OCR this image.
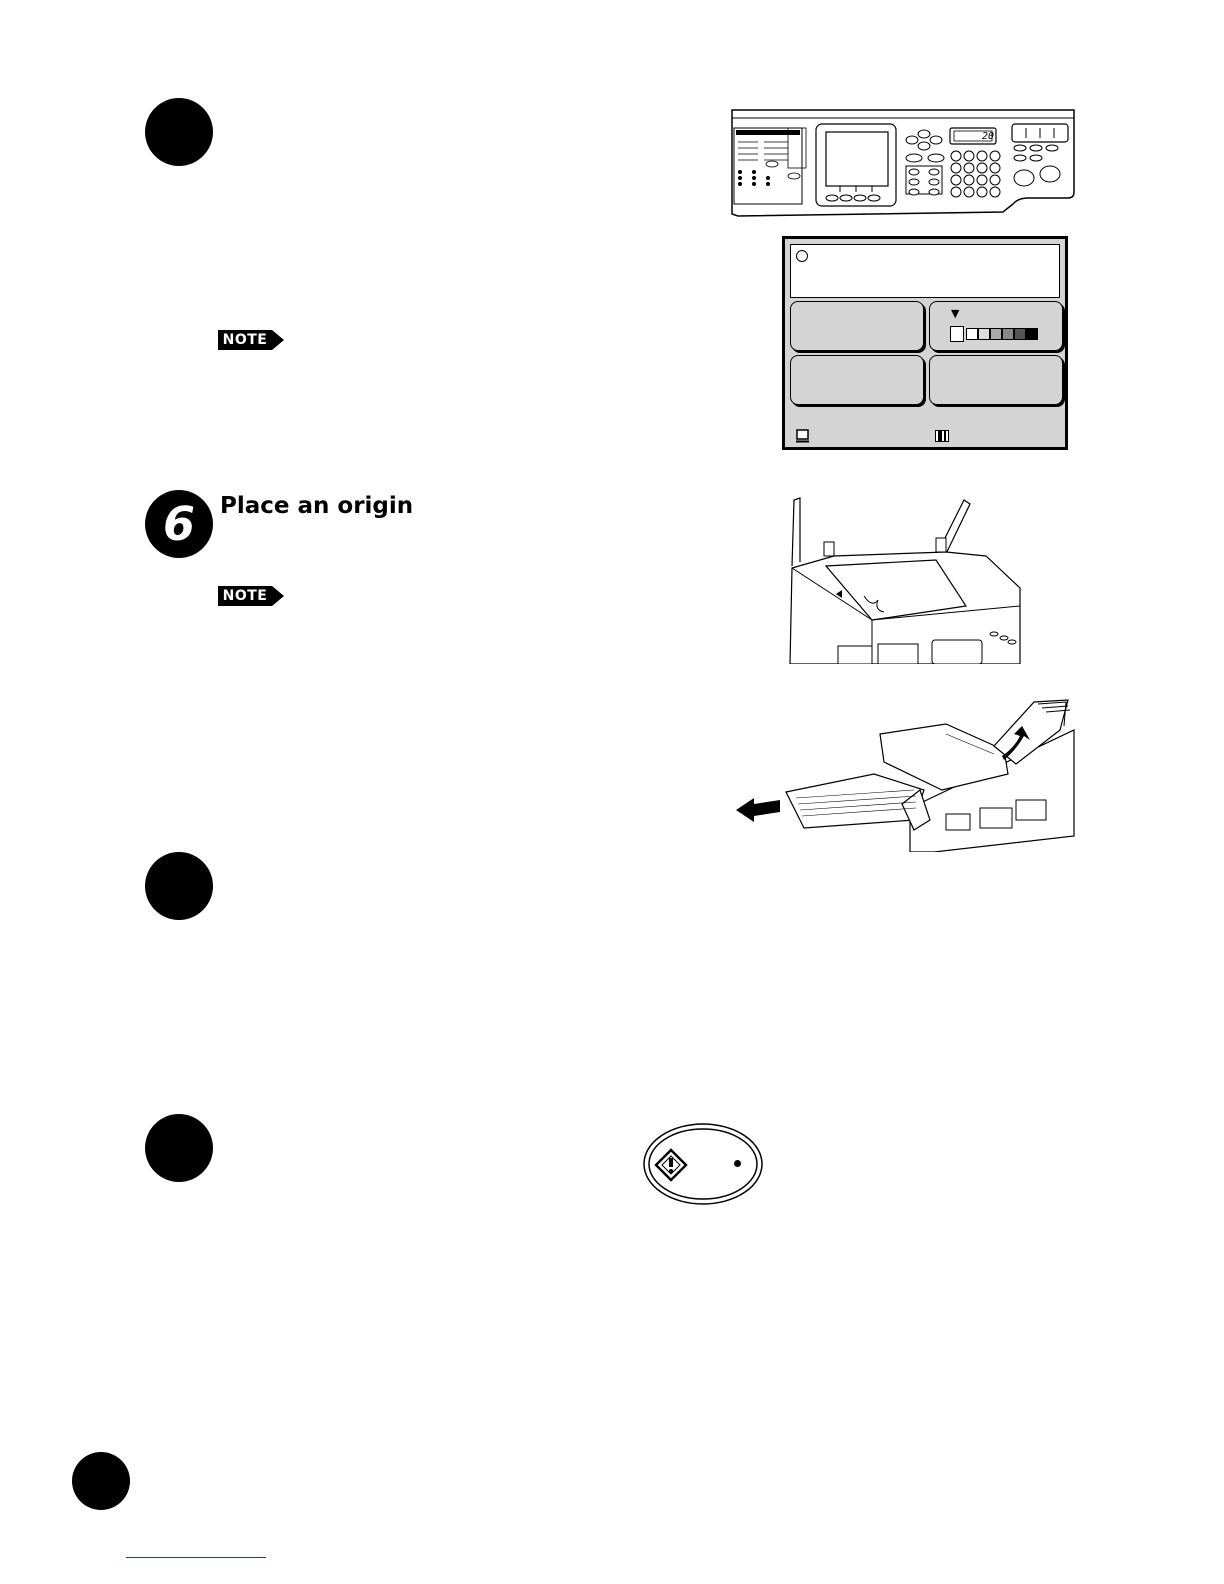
20
▼
NOTE
6	Place an origin
NOTE
